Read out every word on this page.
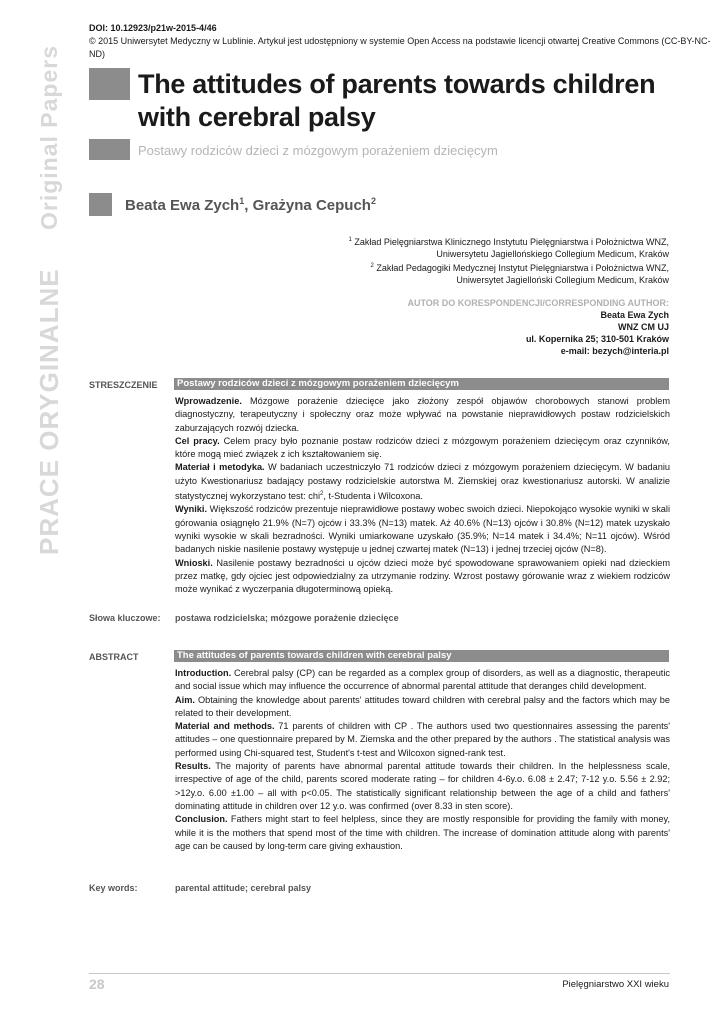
DOI: 10.12923/p21w-2015-4/46
© 2015 Uniwersytet Medyczny w Lublinie. Artykuł jest udostępniony w systemie Open Access na podstawie licencji otwartej Creative Commons (CC-BY-NC-ND)
Original Papers
PRACE ORYGINALNE
The attitudes of parents towards children
with cerebral palsy
Postawy rodziców dzieci z mózgowym porażeniem dziecięcym
Beata Ewa Zych$^1$, Grażyna Cepuch$^2$
$^1$ Zakład Pielęgniarstwa Klinicznego Instytutu Pielęgniarstwa i Położnictwa WNZ,
Uniwersytetu Jagiellońskiego Collegium Medicum, Kraków
$^2$ Zakład Pedagogiki Medycznej Instytut Pielęgniarstwa i Położnictwa WNZ,
Uniwersytet Jagielloński Collegium Medicum, Kraków
AUTOR DO KORESPONDENCJI/CORRESPONDING AUTHOR:
Beata Ewa Zych
WNZ CM UJ
ul. Kopernika 25; 310-501 Kraków
e-mail: bezych@interia.pl
STRESZCZENIE	Postawy rodziców dzieci z mózgowym porażeniem dziecięcym

Wprowadzenie. Mózgowe porażenie dziecięce jako złożony zespół objawów chorobowych stanowi problem diagnostyczny, terapeutyczny i społeczny oraz może wpływać na powstanie nieprawidłowych postaw rodzicielskich zaburzających rozwój dziecka.

Cel pracy. Celem pracy było poznanie postaw rodziców dzieci z mózgowym porażeniem dziecięcym oraz czynników, które mogą mieć związek z ich kształtowaniem się.

Materiał i metodyka. W badaniach uczestniczyło 71 rodziców dzieci z mózgowym porażeniem dziecięcym. W badaniu użyto Kwestionariusz badający postawy rodzicielskie autorstwa M. Ziemskiej oraz kwestionariusz autorski. W analizie statystycznej wykorzystano test: chi$^2$, t-Studenta i Wilcoxona.

Wyniki. Większość rodziców prezentuje nieprawidłowe postawy wobec swoich dzieci. Niepokojąco wysokie wyniki w skali górowania osiągnęło 21.9% (N=7) ojców i 33.3% (N=13) matek. Aż 40.6% (N=13) ojców i 30.8% (N=12) matek uzyskało wyniki wysokie w skali bezradności. Wyniki umiarkowane uzyskało (35.9%; N=14 matek i 34.4%; N=11 ojców). Wśród badanych niskie nasilenie postawy występuje u jednej czwartej matek (N=13) i jednej trzeciej ojców (N=8).

Wnioski. Nasilenie postawy bezradności u ojców dzieci może być spowodowane sprawowaniem opieki nad dzieckiem przez matkę, gdy ojciec jest odpowiedzialny za utrzymanie rodziny. Wzrost postawy górowanie wraz z wiekiem rodziców może wynikać z wyczerpania długoterminową opieką.

Słowa kluczowe: postawa rodzicielska; mózgowe porażenie dziecięce
ABSTRACT	The attitudes of parents towards children with cerebral palsy

Introduction. Cerebral palsy (CP) can be regarded as a complex group of disorders, as well as a diagnostic, therapeutic and social issue which may influence the occurrence of abnormal parental attitude that deranges child development.

Aim. Obtaining the knowledge about parents' attitudes toward children with cerebral palsy and the factors which may be related to their development.

Material and methods. 71 parents of children with CP . The authors used two questionnaires assessing the parents' attitudes – one questionnaire prepared by M. Ziemska and the other prepared by the authors . The statistical analysis was performed using Chi-squared test, Student's t-test and Wilcoxon signed-rank test.

Results. The majority of parents have abnormal parental attitude towards their children. In the helplessness scale, irrespective of age of the child, parents scored moderate rating – for children 4-6y.o. 6.08 ± 2.47; 7-12 y.o. 5.56 ± 2.92; >12y.o. 6.00 ±1.00 – all with p<0.05. The statistically significant relationship between the age of a child and fathers' dominating attitude in children over 12 y.o. was confirmed (over 8.33 in sten score).

Conclusion. Fathers might start to feel helpless, since they are mostly responsible for providing the family with money, while it is the mothers that spend most of the time with children. The increase of domination attitude along with parents' age can be caused by long-term care giving exhaustion.

Key words:	parental attitude; cerebral palsy
28	Pielęgniarstwo XXI wieku
